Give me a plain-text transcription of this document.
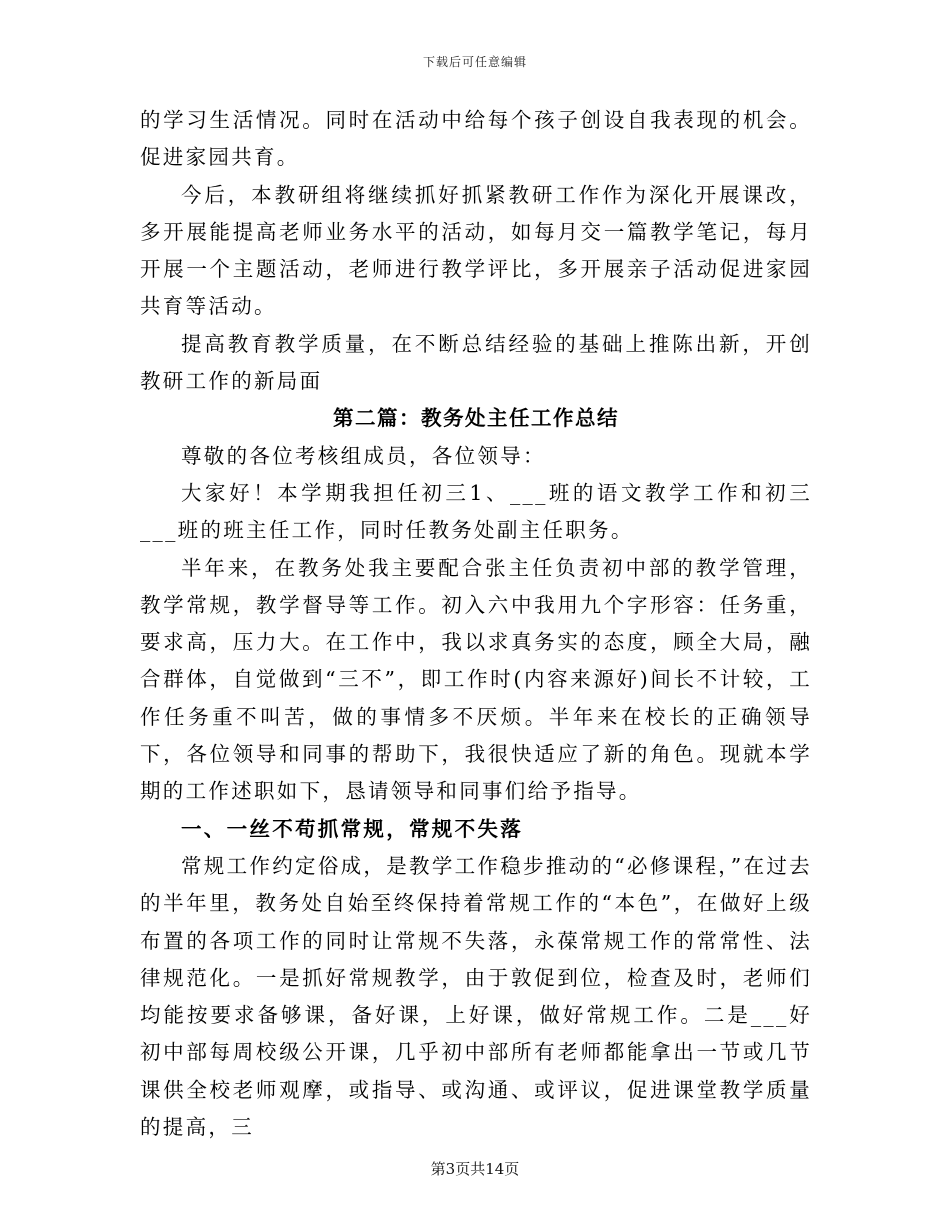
下载后可任意编辑

的学习生活情况。同时在活动中给每个孩子创设自我表现的机会。促进家园共育。

今后，本教研组将继续抓好抓紧教研工作作为深化开展课改，多开展能提高老师业务水平的活动，如每月交一篇教学笔记，每月开展一个主题活动，老师进行教学评比，多开展亲子活动促进家园共育等活动。

提高教育教学质量，在不断总结经验的基础上推陈出新，开创教研工作的新局面

第二篇：教务处主任工作总结

尊敬的各位考核组成员，各位领导：

大家好！本学期我担任初三1、___班的语文教学工作和初三___班的班主任工作，同时任教务处副主任职务。

半年来，在教务处我主要配合张主任负责初中部的教学管理，教学常规，教学督导等工作。初入六中我用九个字形容：任务重，要求高，压力大。在工作中，我以求真务实的态度，顾全大局，融合群体，自觉做到“三不”，即工作时(内容来源好)间长不计较，工作任务重不叫苦，做的事情多不厌烦。半年来在校长的正确领导下，各位领导和同事的帮助下，我很快适应了新的角色。现就本学期的工作述职如下，恳请领导和同事们给予指导。

一、一丝不苟抓常规，常规不失落

常规工作约定俗成，是教学工作稳步推动的“必修课程，”在过去的半年里，教务处自始至终保持着常规工作的“本色”，在做好上级布置的各项工作的同时让常规不失落，永葆常规工作的常常性、法律规范化。一是抓好常规教学，由于敦促到位，检查及时，老师们均能按要求备够课，备好课，上好课，做好常规工作。二是___好初中部每周校级公开课，几乎初中部所有老师都能拿出一节或几节课供全校老师观摩，或指导、或沟通、或评议，促进课堂教学质量的提高，三

第3页共14页
